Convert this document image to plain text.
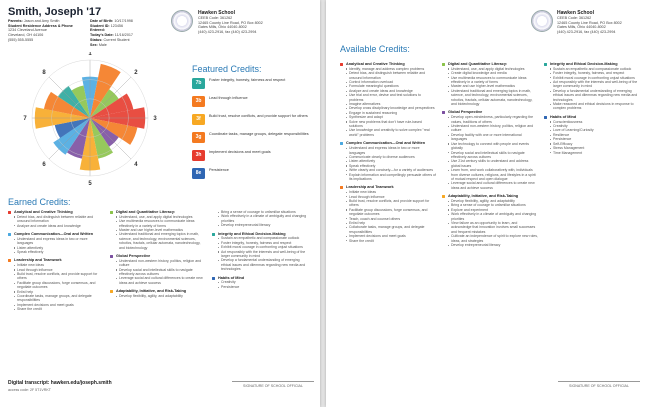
Smith, Joseph '17
Parents: Jason and Amy Smith
Student Residence Address & Phone
1234 Cleveland Avenue
Cleveland, OH 44106
(555) 555-5555
Date of Birth: 10/17/1998
Student ID: 123456
Entered:
Today's Date: 11/16/2017
Status: Current Student
Sex: Male
Hawken School
CEEB Code: 361262
12465 County Line Road, PO Box 8002
Gates Mills, Ohio 44040-8002
(440) 423-2916, fax (440) 423-2994
1
2
3
4
5
6
7
8	Featured Credits:
7b	Foster integrity, honesty, fairness and respect
3b	Lead through influence
3f	Build trust, resolve conflicts, and provide support for others
3g	Coordinate tasks, manage groups, delegate responsibilities
3h	Implement decisions and meet goals
8e	Persistence
Earned Credits:
Analytical and Creative Thinking
Detect bias, and distinguish between reliable and unsound information
Analyze and create ideas and knowledge
Complex Communication—Oral and Written
Understand and express ideas in two or more languages
Listen attentively
Speak effectively
Leadership and Teamwork
Initiate new ideas
Lead through influence
Build trust, resolve conflicts, and provide support for others
Facilitate group discussions, forge consensus, and negotiate outcomes
Enlist help
Coordinate tasks, manage groups, and delegate responsibilities
Implement decisions and meet goals
Share the credit
Digital and Quantitative Literacy:
Understand, use, and apply digital technologies
Use multimedia resources to communicate ideas effectively in a variety of forms
Master and use higher-level mathematics
Understand traditional and emerging topics in math, science, and technology, environmental sciences, robotics, fractals, cellular automata, nanotechnology, and biotechnology
Global Perspective
Understand non-western history, politics, religion and culture
Develop social and intellectual skills to navigate effectively across cultures
Leverage social and cultural differences to create new ideas and achieve success
Adaptability, Initiative, and Risk-Taking
Develop flexibility, agility, and adaptability
Bring a sense of courage to unfamiliar situations
Work effectively in a climate of ambiguity and changing priorities
Develop entrepreneurial literacy
Integrity and Ethical Decision-Making
Sustain an empathetic and compassionate outlook
Foster integrity, honesty, fairness and respect
Exhibit moral courage in confronting unjust situations
Act responsibly with the interests and well-being of the larger community in mind
Develop a fundamental understanding of emerging ethical issues and dilemmas regarding new media and technologies
Habits of Mind
Creativity
Persistence
Digital transcript: hawken.edu/joseph.smith
access code: 2F 5T1VRKT
SIGNATURE OF SCHOOL OFFICIAL
Hawken School
CEEB Code: 361262
12465 County Line Road, PO Box 8002
Gates Mills, Ohio 44040-8002
(440) 423-2916, fax (440) 423-2994
Available Credits:
Analytical and Creative Thinking
Identify, manage and address complex problems
Detect bias, and distinguish between reliable and unsound information
Control information overload
Formulate meaningful questions
Analyze and create ideas and knowledge
Use trial and error, devise and test solutions to problems
Imagine alternatives
Develop cross disciplinary knowledge and perspectives
Engage in sustained reasoning
Synthesize and adapt
Solve new problems that don't have rule-based solutions
Use knowledge and creativity to solve complex "real world" problems
Complex Communication—Oral and Written
Understand and express ideas in two or more languages
Communicate clearly to diverse audiences
Listen attentively
Speak effectively
Write clearly and concisely—for a variety of audiences
Explain information and compellingly persuade others of its implications
Leadership and Teamwork
Initiate new ideas
Lead through influence
Build trust, resolve conflicts, and provide support for others
Facilitate group discussions, forge consensus, and negotiate outcomes
Teach, coach and counsel others
Enlist help
Collaborate tasks, manage groups, and delegate responsibilities
Implement decisions and meet goals
Share the credit
Digital and Quantitative Literacy:
Understand, use, and apply digital technologies
Create digital knowledge and media
Use multimedia resources to communicate ideas effectively in a variety of forms
Master and use higher-level mathematics
Understand traditional and emerging topics in math, science, and technology, environmental sciences, robotics, fractals, cellular automata, nanotechnology, and biotechnology
Global Perspective
Develop open-mindedness, particularly regarding the values, traditions of others
Understand non-western history, politics, religion and culture
Develop facility with one or more international languages
Use technology to connect with people and events globally
Develop social and intellectual skills to navigate effectively across cultures
Use 21st century skills to understand and address global issues
Learn from, and work collaboratively with, individuals from diverse cultures, religions, and lifestyles in a spirit of mutual respect and open dialogue
Leverage social and cultural differences to create new ideas and achieve success
Adaptability, Initiative, and Risk-Taking
Develop flexibility, agility, and adaptability
Bring a sense of courage to unfamiliar situations
Explore and experiment
Work effectively in a climate of ambiguity and changing priorities
View failure as an opportunity to learn, and acknowledge that innovation involves small successes and frequent mistakes
Cultivate an independence of spirit to explore new roles, ideas, and strategies
Develop entrepreneurial literacy
Integrity and Ethical Decision-Making
Sustain an empathetic and compassionate outlook
Foster integrity, honesty, fairness, and respect
Exhibit moral courage in confronting unjust situations
Act responsibly with the interests and well-being of the larger community in mind
Develop a fundamental understanding of emerging ethical issues and dilemmas regarding new media and technologies
Make reasoned and ethical decisions in response to complex problems
Habits of Mind
Conscientiousness
Creativity
Love of Learning/Curiosity
Resilience
Persistence
Self-Efficacy
Stress Management
Time Management
SIGNATURE OF SCHOOL OFFICIAL
